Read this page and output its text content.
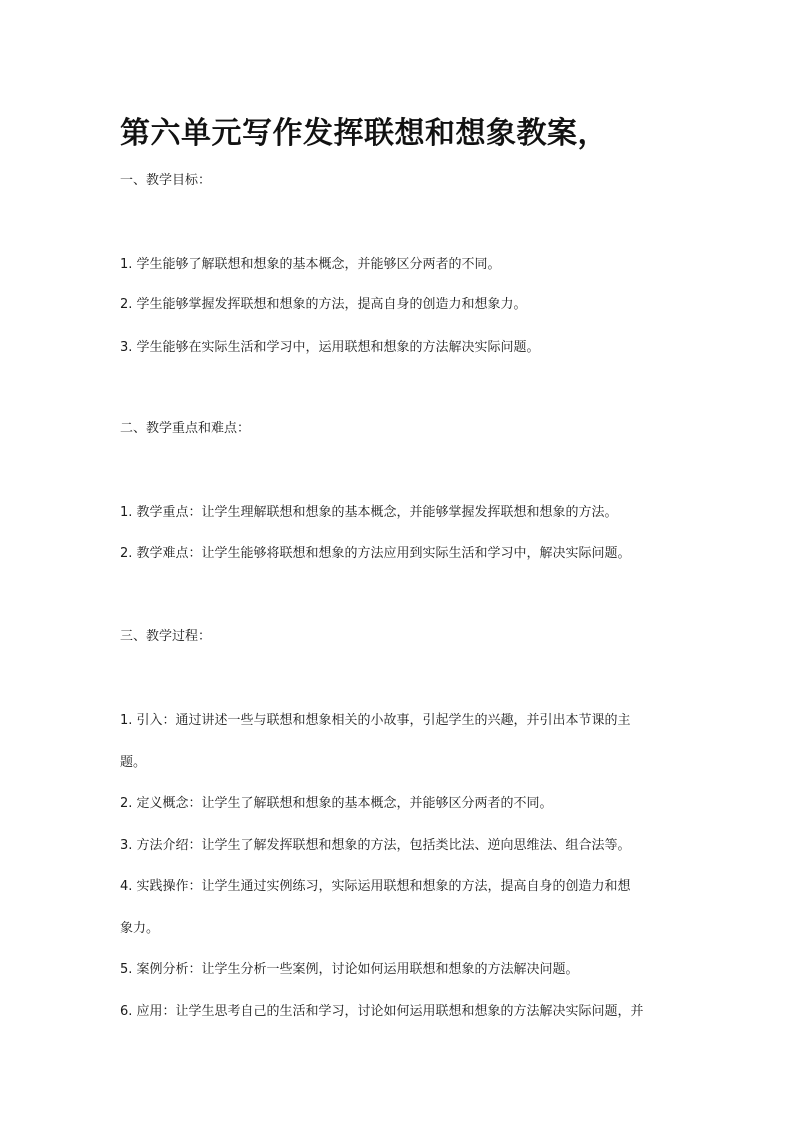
第六单元写作发挥联想和想象教案，
一、教学目标：
1. 学生能够了解联想和想象的基本概念，并能够区分两者的不同。
2. 学生能够掌握发挥联想和想象的方法，提高自身的创造力和想象力。
3. 学生能够在实际生活和学习中，运用联想和想象的方法解决实际问题。
二、教学重点和难点：
1. 教学重点：让学生理解联想和想象的基本概念，并能够掌握发挥联想和想象的方法。
2. 教学难点：让学生能够将联想和想象的方法应用到实际生活和学习中，解决实际问题。
三、教学过程：
1. 引入：通过讲述一些与联想和想象相关的小故事，引起学生的兴趣，并引出本节课的主
题。
2. 定义概念：让学生了解联想和想象的基本概念，并能够区分两者的不同。
3. 方法介绍：让学生了解发挥联想和想象的方法，包括类比法、逆向思维法、组合法等。
4. 实践操作：让学生通过实例练习，实际运用联想和想象的方法，提高自身的创造力和想
象力。
5. 案例分析：让学生分析一些案例，讨论如何运用联想和想象的方法解决问题。
6. 应用：让学生思考自己的生活和学习，讨论如何运用联想和想象的方法解决实际问题，并
